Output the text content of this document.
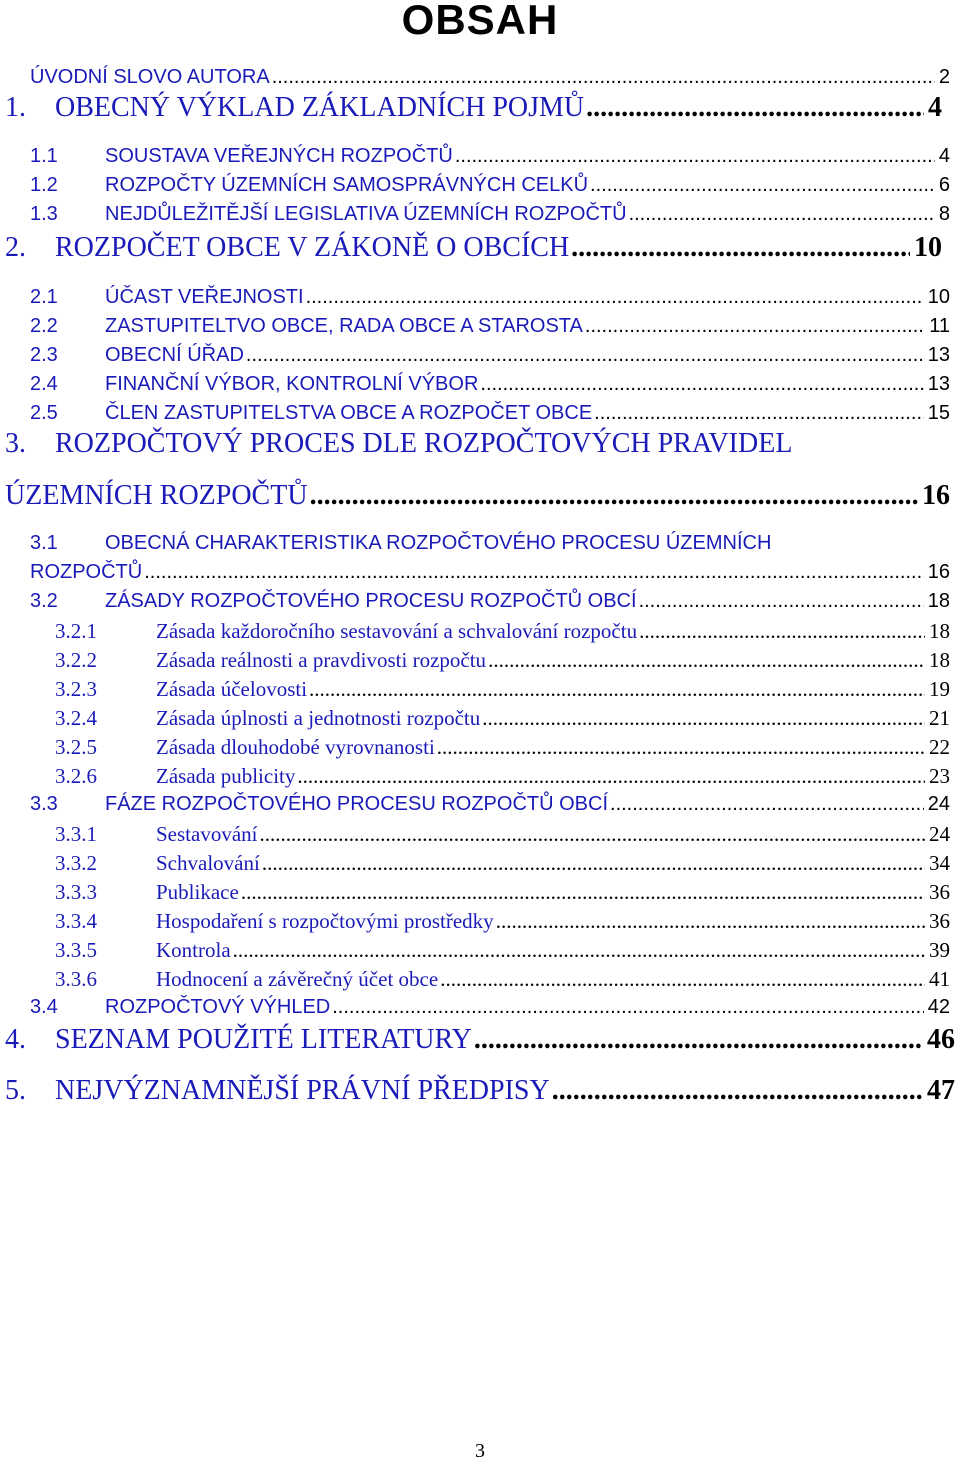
OBSAH
ÚVODNÍ SLOVO AUTORA .....	2
1.	OBECNÝ VÝKLAD ZÁKLADNÍCH POJMŮ .....	4
1.1	SOUSTAVA VEŘEJNÝCH ROZPOČTŮ .....	4
1.2	ROZPOČTY ÚZEMNÍCH SAMOSPRÁVNÝCH CELKŮ .....	6
1.3	NEJDŮLEŽITĚJŠÍ LEGISLATIVA ÚZEMNÍCH ROZPOČTŮ .....	8
2.	ROZPOČET OBCE V ZÁKONĚ O OBCÍCH .....	10
2.1	ÚČAST VEŘEJNOSTI .....	10
2.2	ZASTUPITELTVO OBCE, RADA OBCE A STAROSTA .....	11
2.3	OBECNÍ ÚŘAD .....	13
2.4	FINANČNÍ VÝBOR, KONTROLNÍ VÝBOR .....	13
2.5	ČLEN ZASTUPITELSTVA OBCE A ROZPOČET OBCE .....	15
3.	ROZPOČTOVÝ PROCES DLE ROZPOČTOVÝCH PRAVIDEL
ÚZEMNÍCH ROZPOČTŮ .....	16
3.1	OBECNÁ CHARAKTERISTIKA ROZPOČTOVÉHO PROCESU ÚZEMNÍCH
ROZPOČTŮ .....	16
3.2	ZÁSADY ROZPOČTOVÉHO PROCESU ROZPOČTŮ OBCÍ .....	18
3.2.1	Zásada každoročního sestavování a schvalování rozpočtu .....	18
3.2.2	Zásada reálnosti a pravdivosti rozpočtu .....	18
3.2.3	Zásada účelovosti .....	19
3.2.4	Zásada úplnosti a jednotnosti rozpočtu .....	21
3.2.5	Zásada dlouhodobé vyrovnanosti .....	22
3.2.6	Zásada publicity .....	23
3.3	FÁZE ROZPOČTOVÉHO PROCESU ROZPOČTŮ OBCÍ .....	24
3.3.1	Sestavování .....	24
3.3.2	Schvalování .....	34
3.3.3	Publikace .....	36
3.3.4	Hospodaření s rozpočtovými prostředky .....	36
3.3.5	Kontrola .....	39
3.3.6	Hodnocení a závěrečný účet obce .....	41
3.4	ROZPOČTOVÝ VÝHLED .....	42
4.	SEZNAM POUŽITÉ LITERATURY .....	46
5.	NEJVÝZNAMNĚJŠÍ PRÁVNÍ PŘEDPISY .....	47
3
